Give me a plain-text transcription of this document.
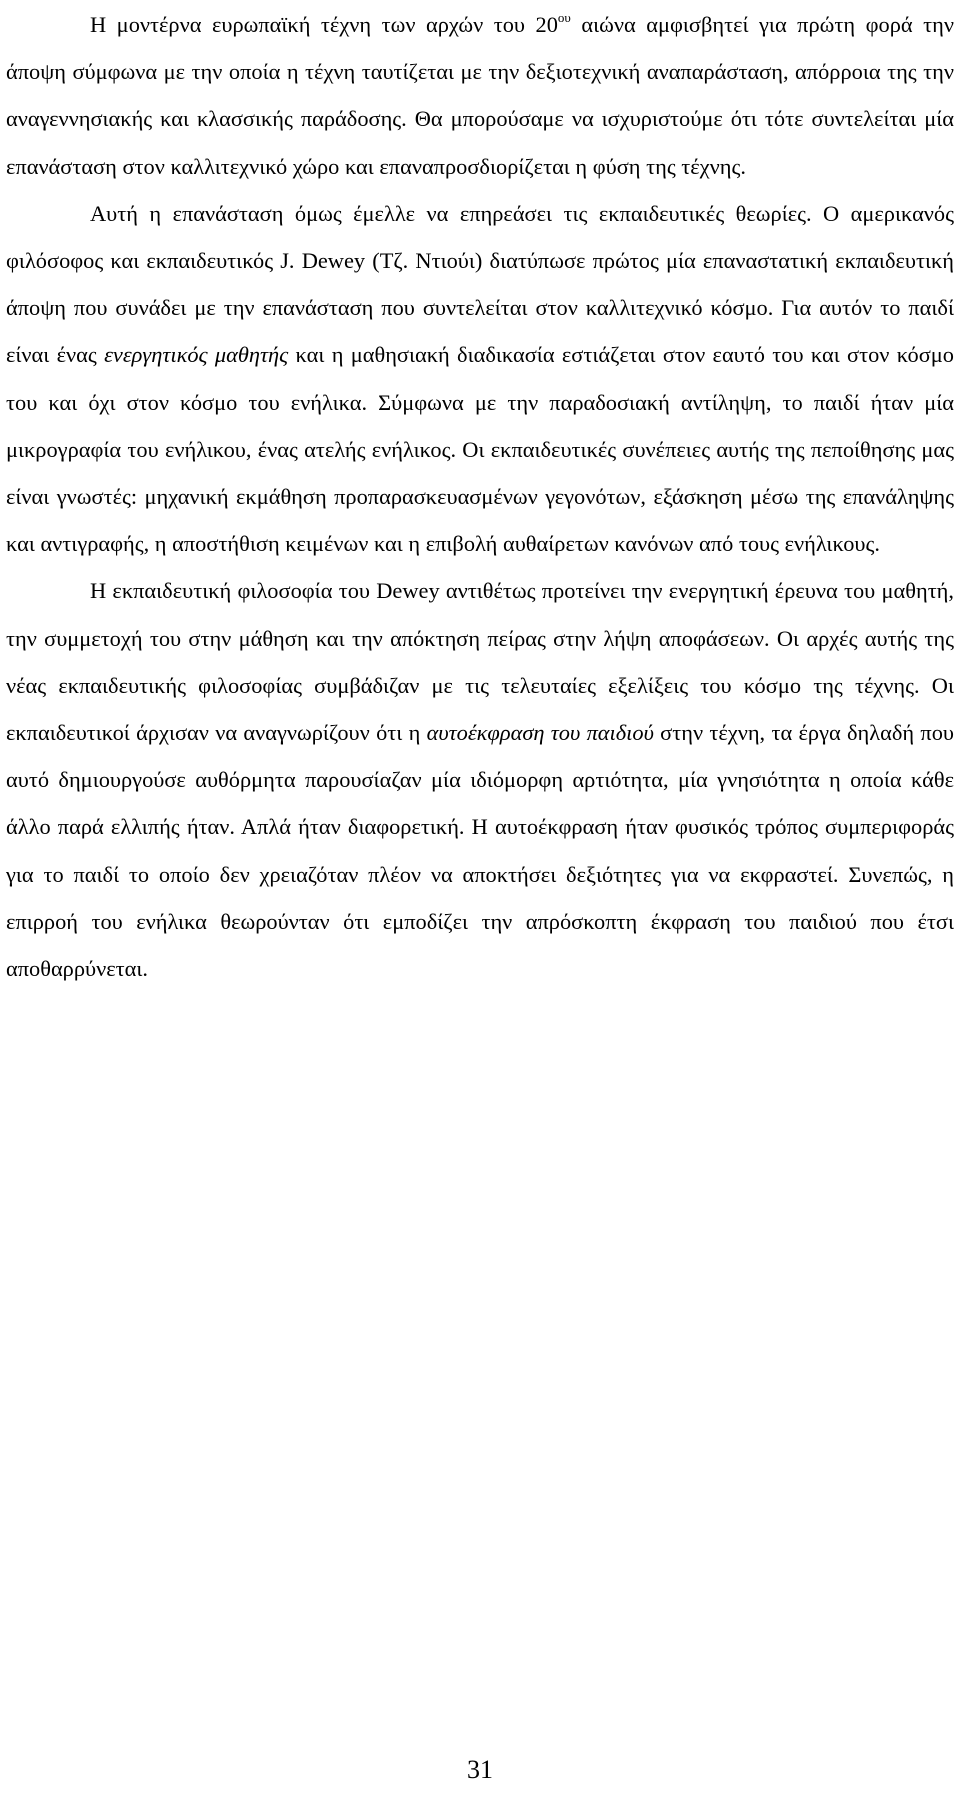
Η μοντέρνα ευρωπαϊκή τέχνη των αρχών του $20^{o\upsilon}$ αιώνα αμφισβητεί για πρώτη φορά την άποψη σύμφωνα με την οποία η τέχνη ταυτίζεται με την δεξιοτεχνική αναπαράσταση, απόρροια της την αναγεννησιακής και κλασσικής παράδοσης. Θα μπορούσαμε να ισχυριστούμε ότι τότε συντελείται μία επανάσταση στον καλλιτεχνικό χώρο και επαναπροσδιορίζεται η φύση της τέχνης.

Αυτή η επανάσταση όμως έμελλε να επηρεάσει τις εκπαιδευτικές θεωρίες. Ο αμερικανός φιλόσοφος και εκπαιδευτικός J. Dewey (Τζ. Ντιούι) διατύπωσε πρώτος μία επαναστατική εκπαιδευτική άποψη που συνάδει με την επανάσταση που συντελείται στον καλλιτεχνικό κόσμο. Για αυτόν το παιδί είναι ένας ενεργητικός μαθητής και η μαθησιακή διαδικασία εστιάζεται στον εαυτό του και στον κόσμο του και όχι στον κόσμο του ενήλικα. Σύμφωνα με την παραδοσιακή αντίληψη, το παιδί ήταν μία μικρογραφία του ενήλικου, ένας ατελής ενήλικος. Οι εκπαιδευτικές συνέπειες αυτής της πεποίθησης μας είναι γνωστές: μηχανική εκμάθηση προπαρασκευασμένων γεγονότων, εξάσκηση μέσω της επανάληψης και αντιγραφής, η αποστήθιση κειμένων και η επιβολή αυθαίρετων κανόνων από τους ενήλικους.

Η εκπαιδευτική φιλοσοφία του Dewey αντιθέτως προτείνει την ενεργητική έρευνα του μαθητή, την συμμετοχή του στην μάθηση και την απόκτηση πείρας στην λήψη αποφάσεων. Οι αρχές αυτής της νέας εκπαιδευτικής φιλοσοφίας συμβάδιζαν με τις τελευταίες εξελίξεις του κόσμο της τέχνης. Οι εκπαιδευτικοί άρχισαν να αναγνωρίζουν ότι η αυτοέκφραση του παιδιού στην τέχνη, τα έργα δηλαδή που αυτό δημιουργούσε αυθόρμητα παρουσίαζαν μία ιδιόμορφη αρτιότητα, μία γνησιότητα η οποία κάθε άλλο παρά ελλιπής ήταν. Απλά ήταν διαφορετική. Η αυτοέκφραση ήταν φυσικός τρόπος συμπεριφοράς για το παιδί το οποίο δεν χρειαζόταν πλέον να αποκτήσει δεξιότητες για να εκφραστεί. Συνεπώς, η επιρροή του ενήλικα θεωρούνταν ότι εμποδίζει την απρόσκοπτη έκφραση του παιδιού που έτσι αποθαρρύνεται.

31
